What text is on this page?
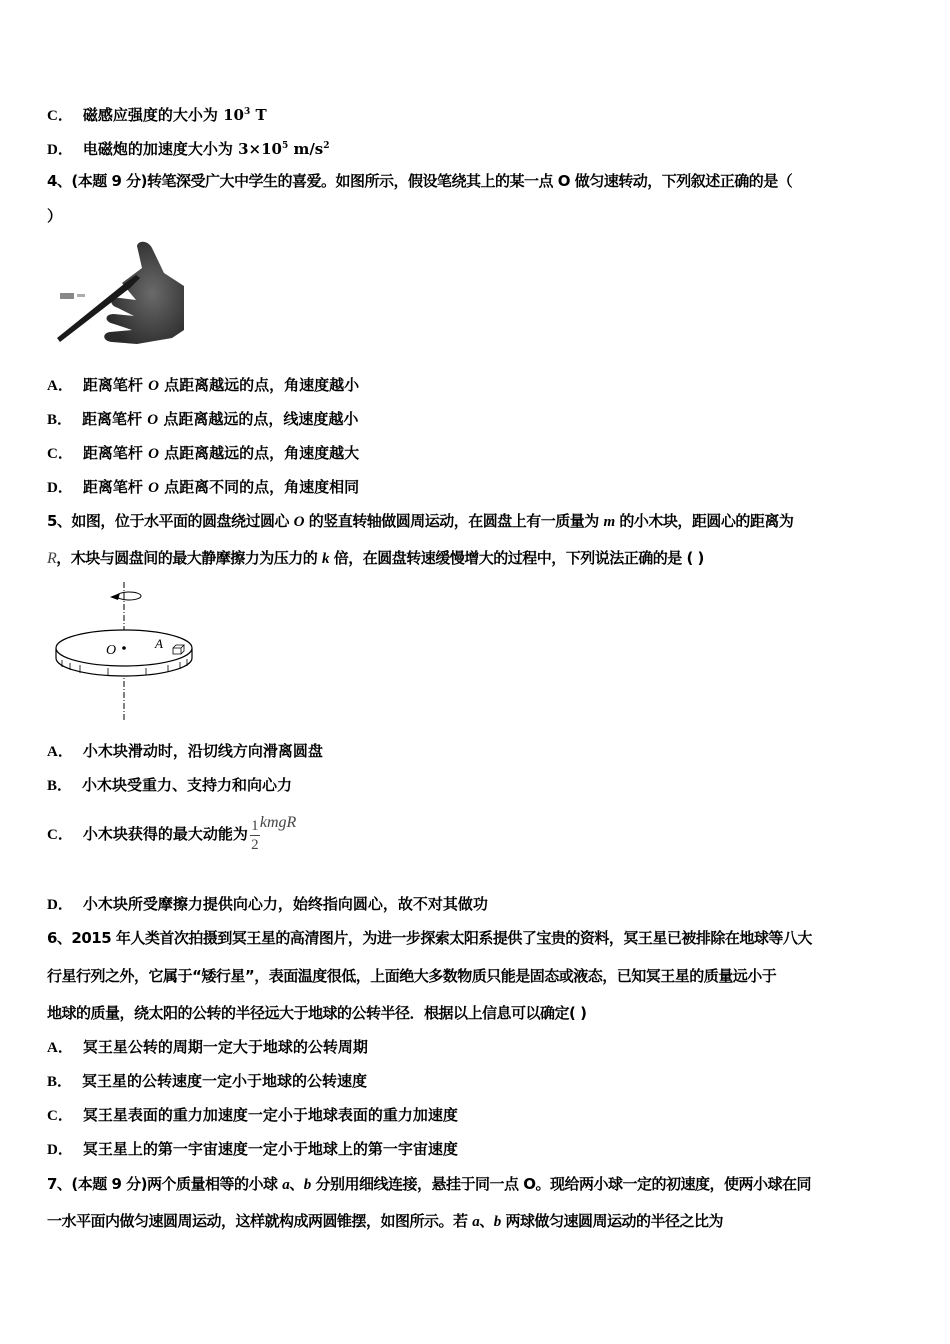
C． 磁感应强度的大小为 $10^3$ T
D． 电磁炮的加速度大小为 $3\times 10^5$ $m/s^2$
4、(本题 9 分)转笔深受广大中学生的喜爱。如图所示，假设笔绕其上的某一点 O 做匀速转动，下列叙述正确的是（
）
A． 距离笔杆 O 点距离越远的点，角速度越小
B． 距离笔杆 O 点距离越远的点，线速度越小
C． 距离笔杆 O 点距离越远的点，角速度越大
D． 距离笔杆 O 点距离不同的点，角速度相同
5、如图，位于水平面的圆盘绕过圆心 O 的竖直转轴做圆周运动，在圆盘上有一质量为 m 的小木块，距圆心的距离为
R，木块与圆盘间的最大静摩擦力为压力的 k 倍，在圆盘转速缓慢增大的过程中，下列说法正确的是 ( )
O	A
A． 小木块滑动时，沿切线方向滑离圆盘
B． 小木块受重力、支持力和向心力
C． 小木块获得的最大动能为 $\frac{1}{2}$ kmgR
D． 小木块所受摩擦力提供向心力，始终指向圆心，故不对其做功
6、2015 年人类首次拍摄到冥王星的高清图片，为进一步探索太阳系提供了宝贵的资料，冥王星已被排除在地球等八大
行星行列之外，它属于“矮行星”，表面温度很低，上面绝大多数物质只能是固态或液态，已知冥王星的质量远小于
地球的质量，绕太阳的公转的半径远大于地球的公转半径．根据以上信息可以确定( )
A． 冥王星公转的周期一定大于地球的公转周期
B． 冥王星的公转速度一定小于地球的公转速度
C． 冥王星表面的重力加速度一定小于地球表面的重力加速度
D． 冥王星上的第一宇宙速度一定小于地球上的第一宇宙速度
7、(本题 9 分)两个质量相等的小球 a、b 分别用细线连接，悬挂于同一点 O。现给两小球一定的初速度，使两小球在同
一水平面内做匀速圆周运动，这样就构成两圆锥摆，如图所示。若 a、b 两球做匀速圆周运动的半径之比为
